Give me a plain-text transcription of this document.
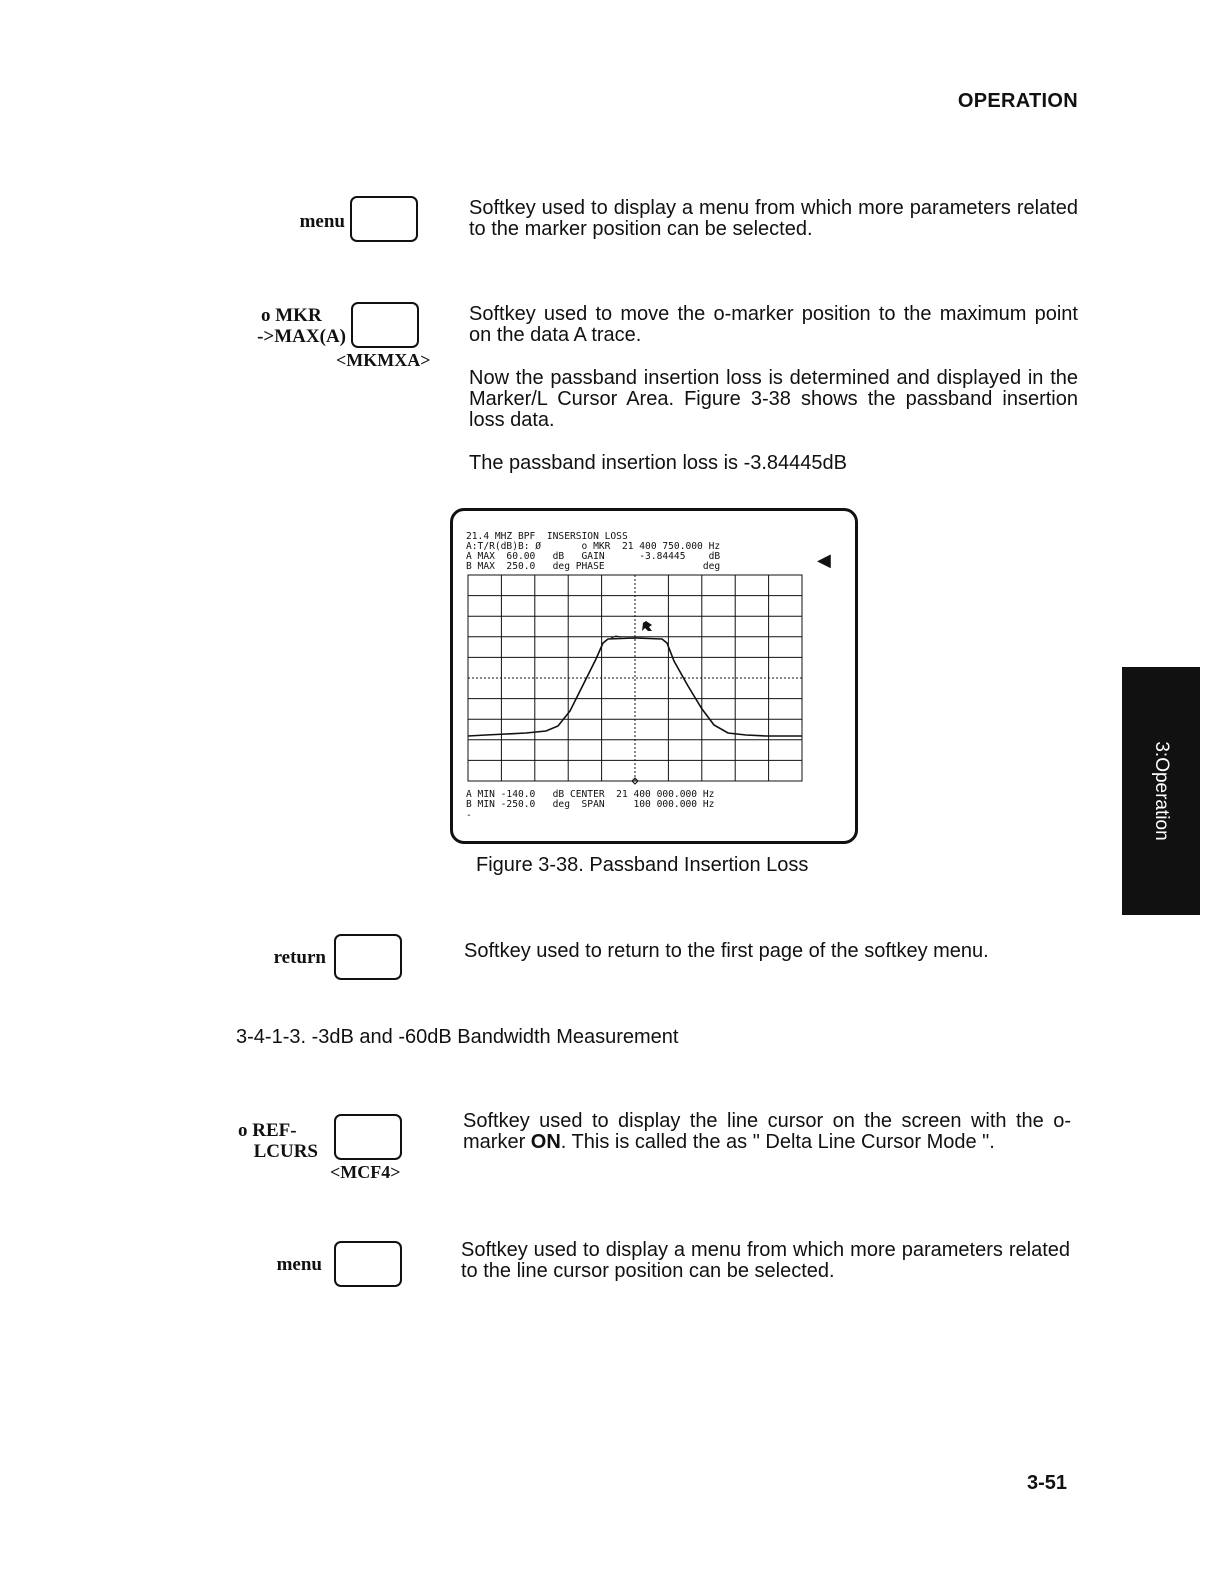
OPERATION
3:Operation
menu
Softkey used to display a menu from which more parameters related to the marker position can be selected.
o MKR
->MAX(A)
<MKMXA>
Softkey used to move the o-marker position to the maximum point on the data A trace.
Now the passband insertion loss is determined and displayed in the Marker/L Cursor Area. Figure 3-38 shows the passband insertion loss data.
The passband insertion loss is -3.84445dB
21.4 MHZ BPF  INSERSION LOSS
A:T/R(dB)B: Ø       o MKR  21 400 750.000 Hz
A MAX  60.00   dB   GAIN      -3.84445    dB
B MAX  250.0   deg PHASE                 deg	◀
A MIN -140.0   dB CENTER  21 400 000.000 Hz
B MIN -250.0   deg  SPAN     100 000.000 Hz
-
Figure 3-38. Passband Insertion Loss
return	Softkey used to return to the first page of the softkey menu.
3-4-1-3. -3dB and -60dB Bandwidth Measurement
o REF-
LCURS
<MCF4>
Softkey used to display the line cursor on the screen with the o-marker ON. This is called the as " Delta Line Cursor Mode ".
menu
Softkey used to display a menu from which more parameters related to the line cursor position can be selected.
3-51
